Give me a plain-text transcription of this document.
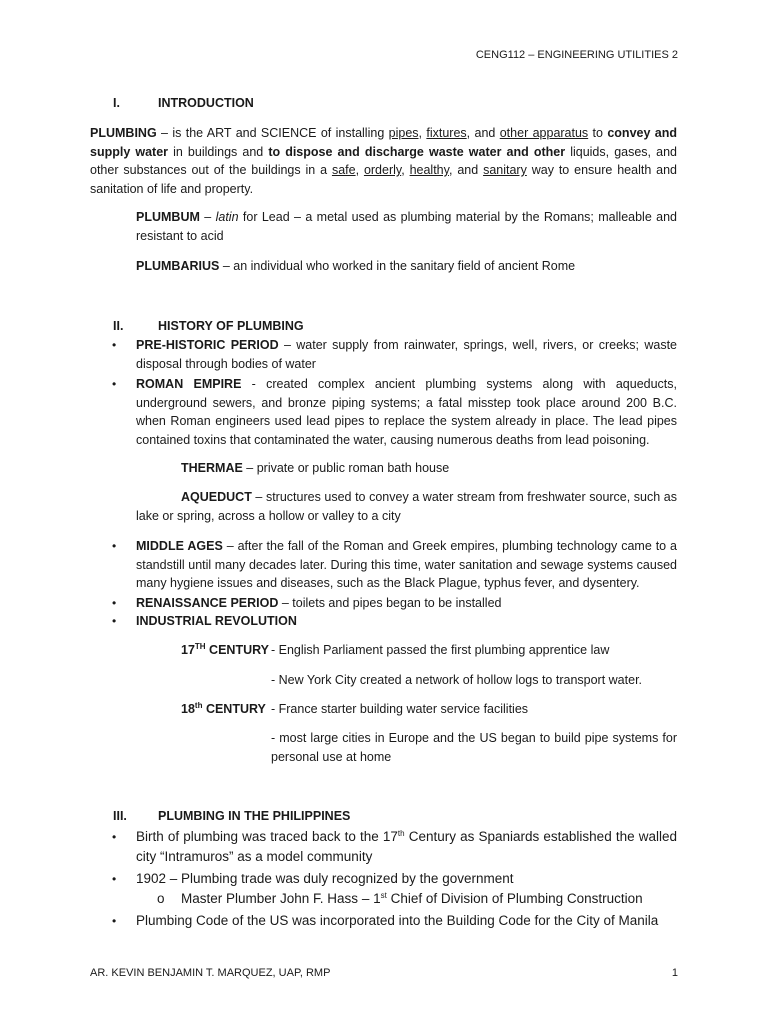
CENG112 – ENGINEERING UTILITIES 2
I.	INTRODUCTION
PLUMBING – is the ART and SCIENCE of installing pipes, fixtures, and other apparatus to convey and supply water in buildings and to dispose and discharge waste water and other liquids, gases, and other substances out of the buildings in a safe, orderly, healthy, and sanitary way to ensure health and sanitation of life and property.
PLUMBUM – latin for Lead – a metal used as plumbing material by the Romans; malleable and resistant to acid
PLUMBARIUS – an individual who worked in the sanitary field of ancient Rome
II.	HISTORY OF PLUMBING
• PRE-HISTORIC PERIOD – water supply from rainwater, springs, well, rivers, or creeks; waste disposal through bodies of water
• ROMAN EMPIRE - created complex ancient plumbing systems along with aqueducts, underground sewers, and bronze piping systems; a fatal misstep took place around 200 B.C. when Roman engineers used lead pipes to replace the system already in place. The lead pipes contained toxins that contaminated the water, causing numerous deaths from lead poisoning.
THERMAE – private or public roman bath house
AQUEDUCT – structures used to convey a water stream from freshwater source, such as lake or spring, across a hollow or valley to a city
• MIDDLE AGES – after the fall of the Roman and Greek empires, plumbing technology came to a standstill until many decades later. During this time, water sanitation and sewage systems caused many hygiene issues and diseases, such as the Black Plague, typhus fever, and dysentery.
• RENAISSANCE PERIOD – toilets and pipes began to be installed
• INDUSTRIAL REVOLUTION
17TH CENTURY - English Parliament passed the first plumbing apprentice law
- New York City created a network of hollow logs to transport water.
18th CENTURY - France starter building water service facilities
- most large cities in Europe and the US began to build pipe systems for personal use at home
III. PLUMBING IN THE PHILIPPINES
• Birth of plumbing was traced back to the 17th Century as Spaniards established the walled city “Intramuros” as a model community
• 1902 – Plumbing trade was duly recognized by the government
o Master Plumber John F. Hass – 1st Chief of Division of Plumbing Construction
• Plumbing Code of the US was incorporated into the Building Code for the City of Manila
AR. KEVIN BENJAMIN T. MARQUEZ, UAP, RMP	1
